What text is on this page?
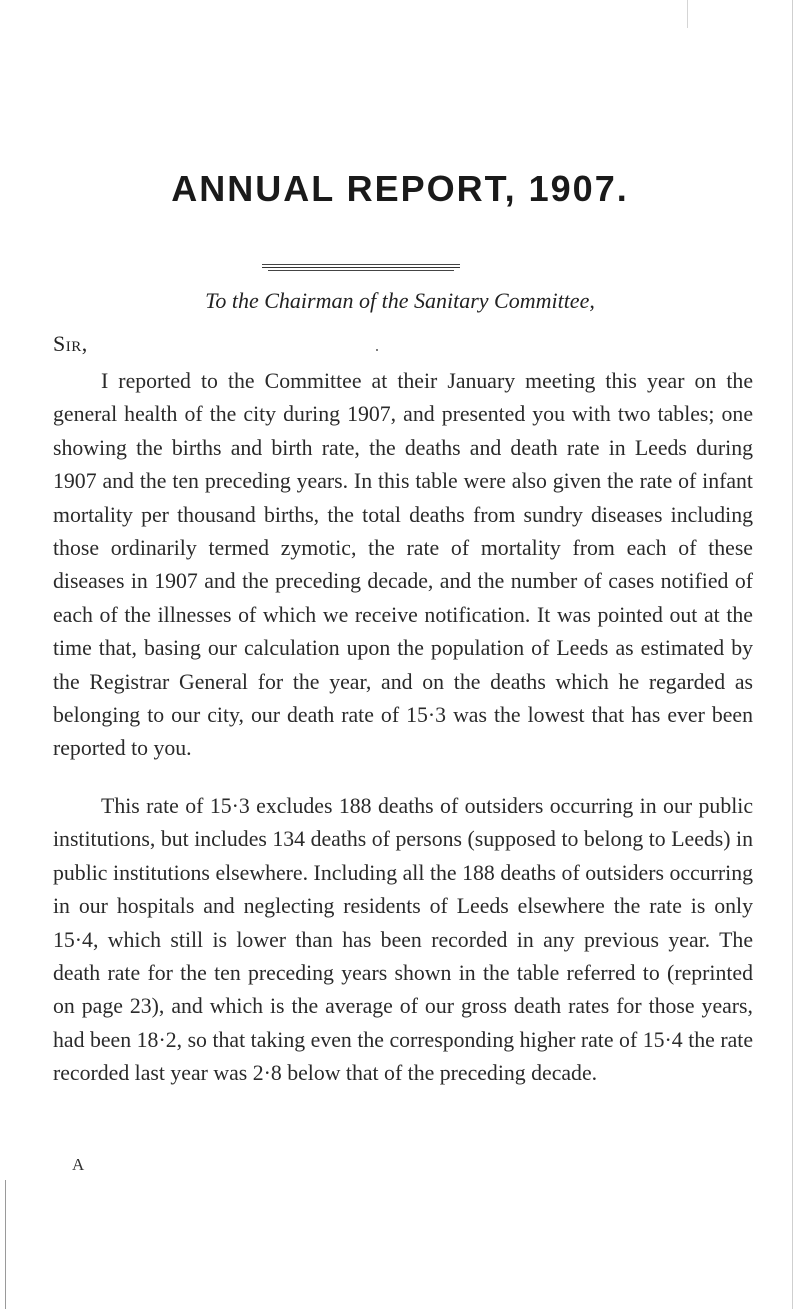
ANNUAL REPORT, 1907.
To the Chairman of the Sanitary Committee,
Sir,

I reported to the Committee at their January meeting this year on the general health of the city during 1907, and presented you with two tables; one showing the births and birth rate, the deaths and death rate in Leeds during 1907 and the ten preceding years. In this table were also given the rate of infant mortality per thousand births, the total deaths from sundry diseases including those ordinarily termed zymotic, the rate of mortality from each of these diseases in 1907 and the preceding decade, and the number of cases notified of each of the illnesses of which we receive notification. It was pointed out at the time that, basing our calculation upon the population of Leeds as estimated by the Registrar General for the year, and on the deaths which he regarded as belonging to our city, our death rate of 15·3 was the lowest that has ever been reported to you.

This rate of 15·3 excludes 188 deaths of outsiders occurring in our public institutions, but includes 134 deaths of persons (supposed to belong to Leeds) in public institutions elsewhere. Including all the 188 deaths of outsiders occurring in our hospitals and neglecting residents of Leeds elsewhere the rate is only 15·4, which still is lower than has been recorded in any previous year. The death rate for the ten preceding years shown in the table referred to (reprinted on page 23), and which is the average of our gross death rates for those years, had been 18·2, so that taking even the corresponding higher rate of 15·4 the rate recorded last year was 2·8 below that of the preceding decade.

A
